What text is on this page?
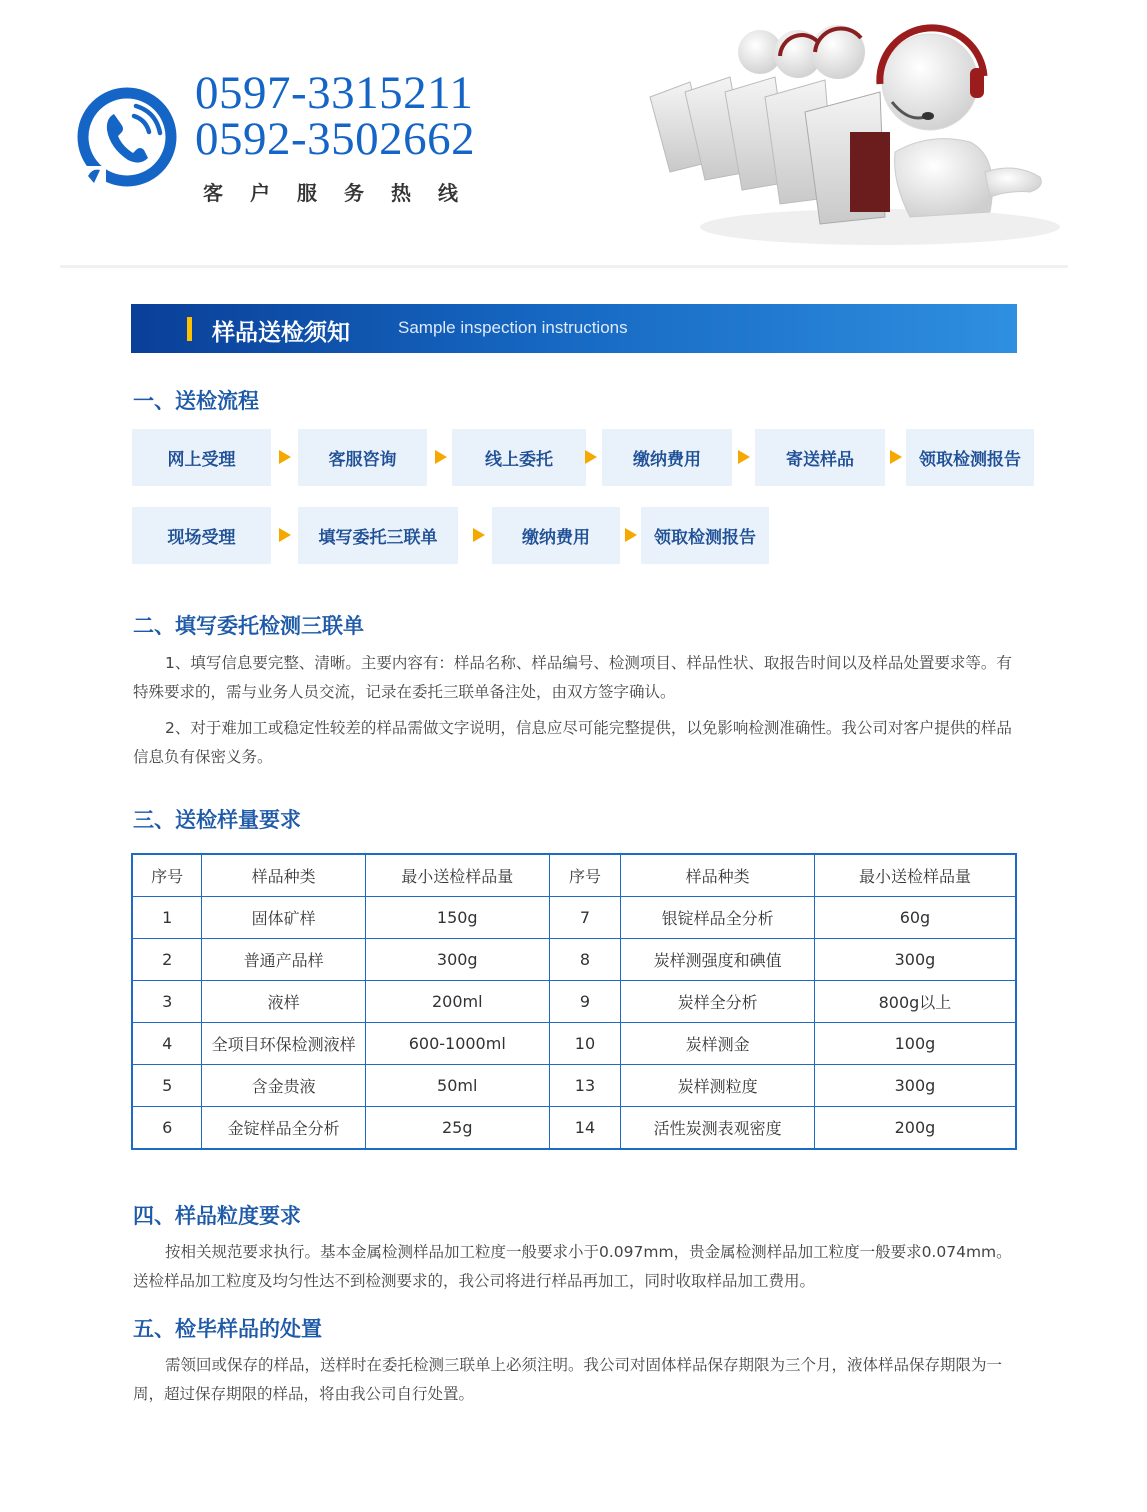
0597-3315211
0592-3502662
客户服务热线
样品送检须知	Sample inspection instructions
一、送检流程
网上受理	客服咨询	线上委托	缴纳费用	寄送样品	领取检测报告
现场受理	填写委托三联单	缴纳费用	领取检测报告
二、填写委托检测三联单
1、填写信息要完整、清晰。主要内容有：样品名称、样品编号、检测项目、样品性状、取报告时间以及样品处置要求等。有特殊要求的，需与业务人员交流，记录在委托三联单备注处，由双方签字确认。
2、对于难加工或稳定性较差的样品需做文字说明，信息应尽可能完整提供，以免影响检测准确性。我公司对客户提供的样品信息负有保密义务。
三、送检样量要求
序号	样品种类	最小送检样品量	序号	样品种类	最小送检样品量
1	固体矿样	150g	7	银锭样品全分析	60g
2	普通产品样	300g	8	炭样测强度和碘值	300g
3	液样	200ml	9	炭样全分析	800g以上
4	全项目环保检测液样	600-1000ml	10	炭样测金	100g
5	含金贵液	50ml	13	炭样测粒度	300g
6	金锭样品全分析	25g	14	活性炭测表观密度	200g
四、样品粒度要求
按相关规范要求执行。基本金属检测样品加工粒度一般要求小于0.097mm，贵金属检测样品加工粒度一般要求0.074mm。送检样品加工粒度及均匀性达不到检测要求的，我公司将进行样品再加工，同时收取样品加工费用。
五、检毕样品的处置
需领回或保存的样品，送样时在委托检测三联单上必须注明。我公司对固体样品保存期限为三个月，液体样品保存期限为一周，超过保存期限的样品，将由我公司自行处置。
